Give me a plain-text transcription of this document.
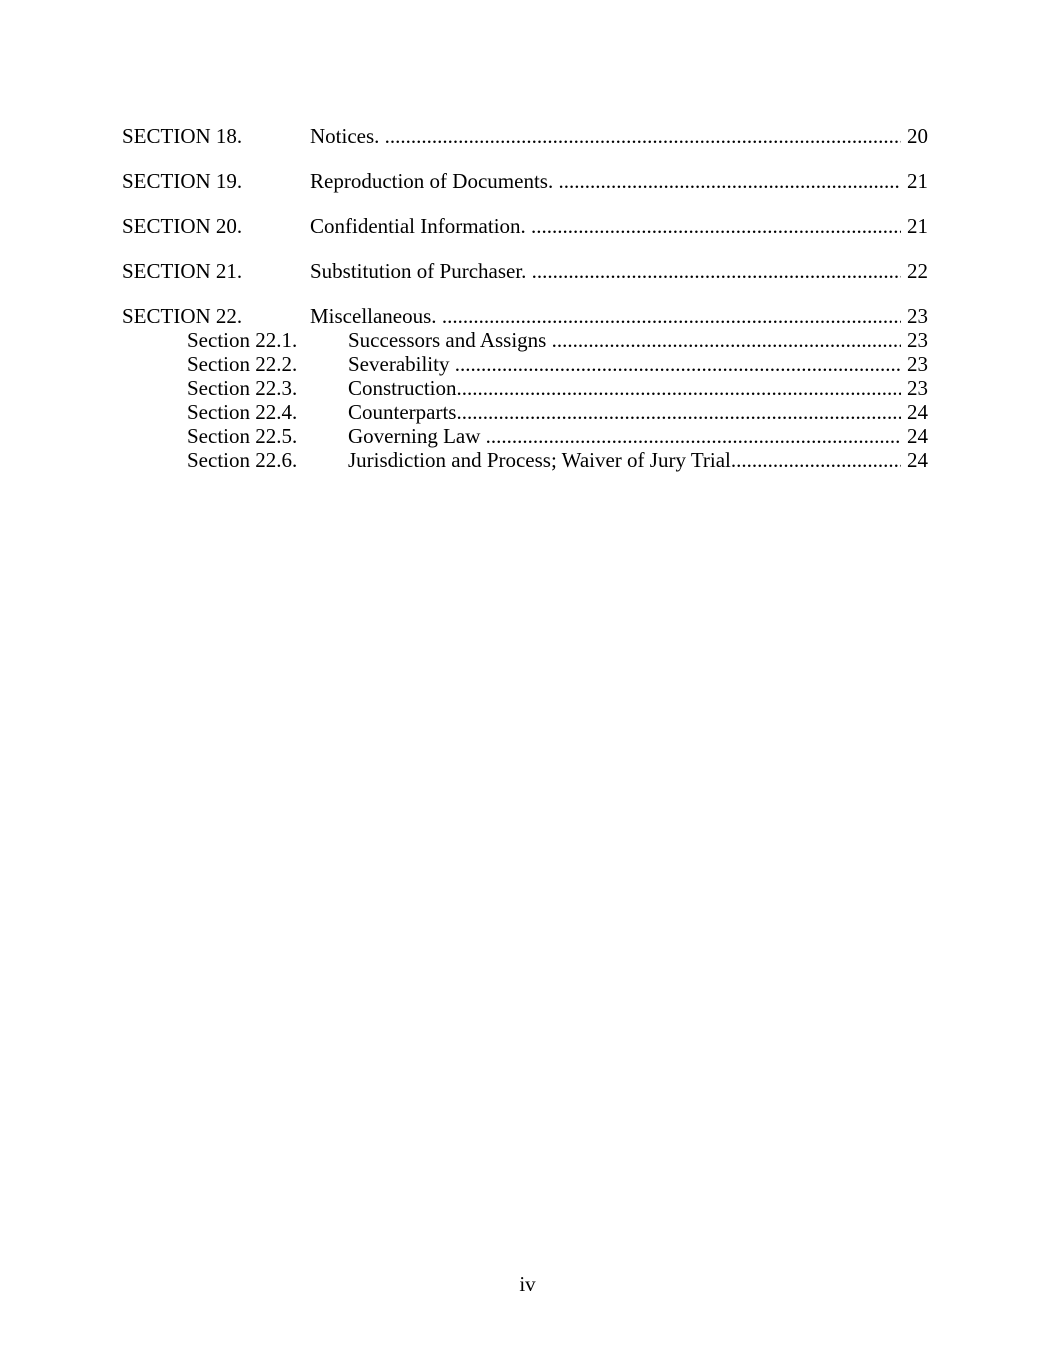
SECTION 18.	Notices. .....	20
SECTION 19.	Reproduction of Documents. .....	21
SECTION 20.	Confidential Information. .....	21
SECTION 21.	Substitution of Purchaser. .....	22
SECTION 22.	Miscellaneous. .....	23
Section 22.1.	Successors and Assigns .....	23
Section 22.2.	Severability .....	23
Section 22.3.	Construction .....	23
Section 22.4.	Counterparts .....	24
Section 22.5.	Governing Law .....	24
Section 22.6.	Jurisdiction and Process; Waiver of Jury Trial .....	24
iv
